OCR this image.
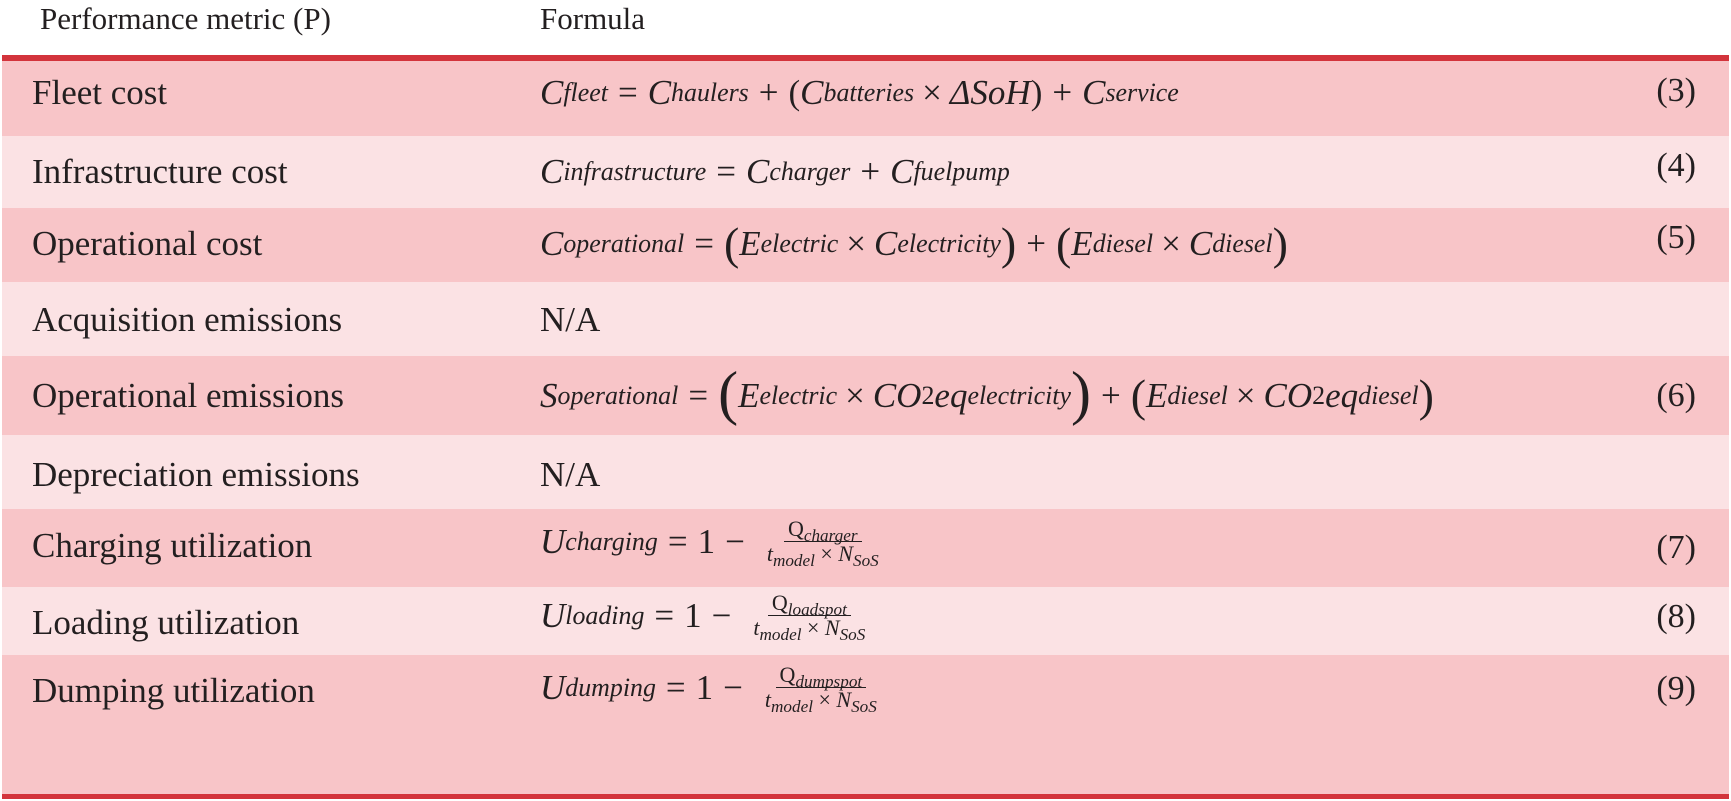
Performance metric (P)	Formula
Fleet cost	C fleet = C haulers + ( C batteries × ΔSoH ) + C service	(3)
Infrastructure cost	C infrastructure = C charger + C fuelpump	(4)
Operational cost	C operational = ( E electric × C electricity ) + ( E diesel × C diesel )	(5)
Acquisition emissions	N/A
Operational emissions	S operational = ( E electric × CO 2 eq electricity ) + ( E diesel × CO 2 eq diesel )	(6)
Depreciation emissions	N/A
Charging utilization	U charging = $1 - \frac{Q_{charger}}{t_{model} \times N_{SoS}}$	(7)
Loading utilization	U loading = $1 - \frac{Q_{loadspot}}{t_{model} \times N_{SoS}}$	(8)
Dumping utilization	U dumping = $1 - \frac{Q_{dumpspot}}{t_{model} \times N_{SoS}}$	(9)
